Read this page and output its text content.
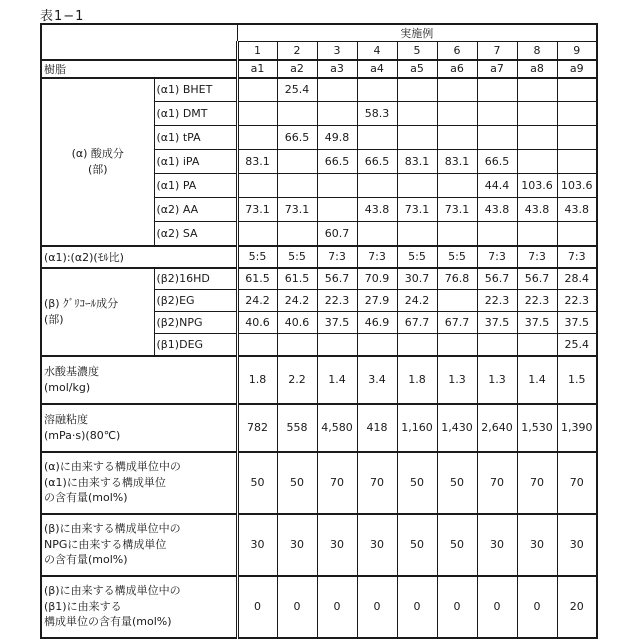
表1−1
		実施例								
		1	2	3	4	5	6	7	8	9
樹脂		a1	a2	a3	a4	a5	a6	a7	a8	a9

(α) 酸成分
(部)	(α1) BHET		25.4							
	(α1) DMT				58.3					
	(α1) tPA		66.5	49.8						
	(α1) iPA	83.1		66.5	66.5	83.1	83.1	66.5		
	(α1) PA							44.4	103.6	103.6
	(α2) AA	73.1	73.1		43.8	73.1	73.1	43.8	43.8	43.8
	(α2) SA			60.7						
(α1):(α2)(ﾓﾙ比)		5:5	5:5	7:3	7:3	5:5	5:5	7:3	7:3	7:3

(β) ｸﾞﾘｺｰﾙ成分
(部)	(β2)16HD	61.5	61.5	56.7	70.9	30.7	76.8	56.7	56.7	28.4
	(β2)EG	24.2	24.2	22.3	27.9	24.2		22.3	22.3	22.3
	(β2)NPG	40.6	40.6	37.5	46.9	67.7	67.7	37.5	37.5	37.5
	(β1)DEG									25.4

水酸基濃度
(mol/kg)		1.8	2.2	1.4	3.4	1.8	1.3	1.3	1.4	1.5

溶融粘度
(mPa·s)(80℃)		782	558	4,580	418	1,160	1,430	2,640	1,530	1,390

(α)に由来する構成単位中の
(α1)に由来する構成単位
の含有量(mol%)		50	50	70	70	50	50	70	70	70

(β)に由来する構成単位中の
NPGに由来する構成単位
の含有量(mol%)		30	30	30	30	50	50	30	30	30

(β)に由来する構成単位中の
(β1)に由来する
構成単位の含有量(mol%)		0	0	0	0	0	0	0	0	20
